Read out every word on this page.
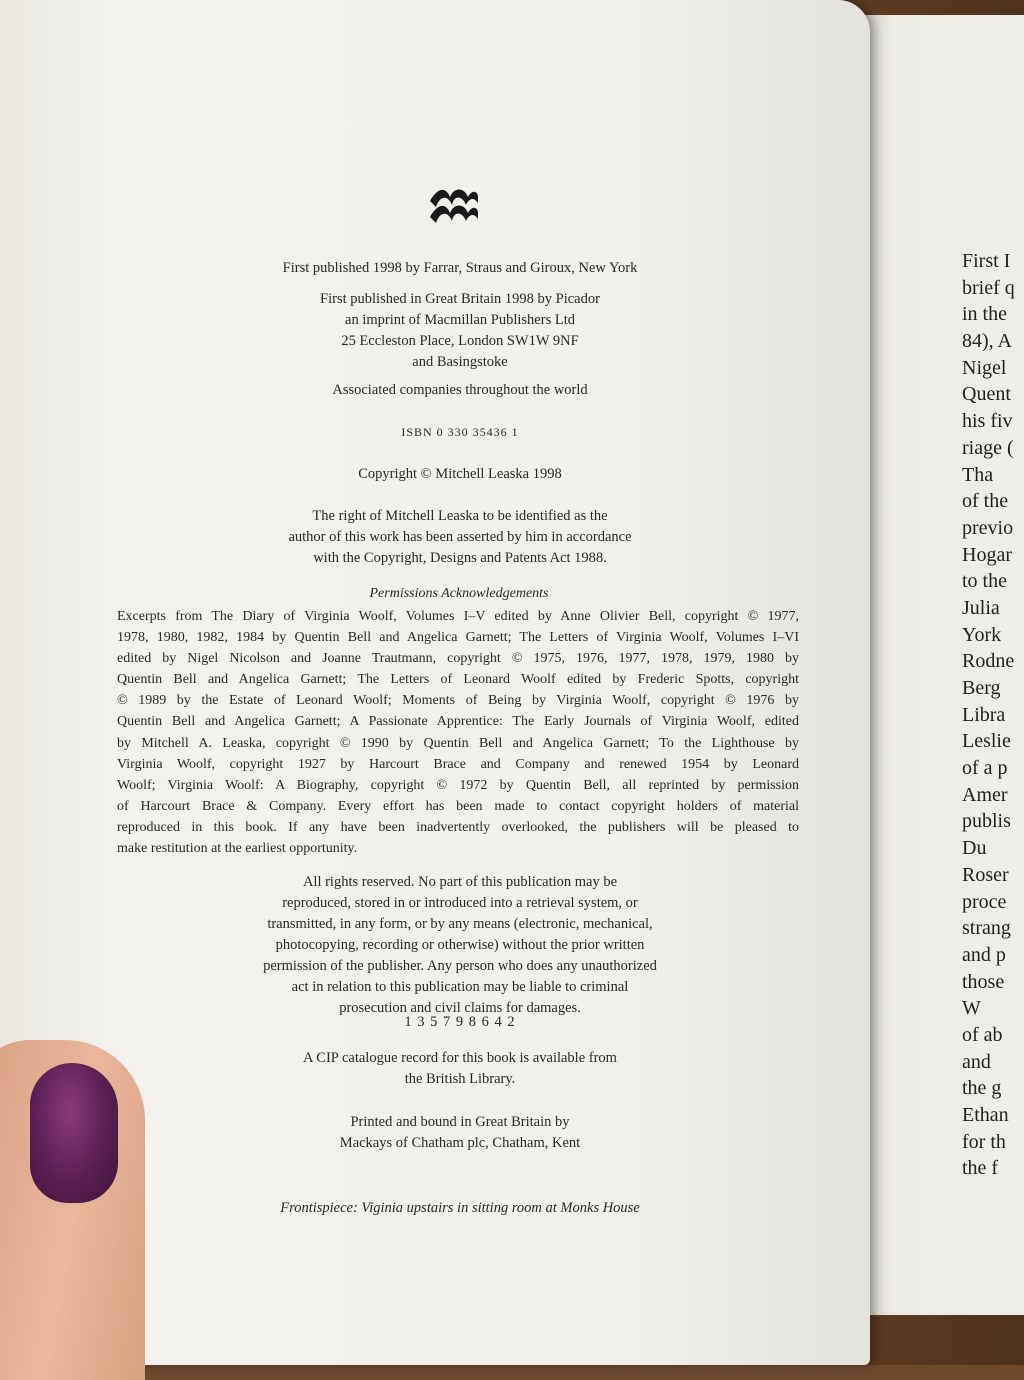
First I
brief q
in the
84), A
Nigel
Quent
his fiv
riage (
Tha
of the
previo
Hogar
to the
Julia
York
Rodne
Berg
Libra
Leslie
of a p
Amer
publis
Du
Roser
proce
strang
and p
those
W
of ab
and
the g
Ethan
for th
the f
First published 1998 by Farrar, Straus and Giroux, New York
First published in Great Britain 1998 by Picador
an imprint of Macmillan Publishers Ltd
25 Eccleston Place, London SW1W 9NF
and Basingstoke
Associated companies throughout the world
ISBN 0 330 35436 1
Copyright © Mitchell Leaska 1998
The right of Mitchell Leaska to be identified as the
author of this work has been asserted by him in accordance
with the Copyright, Designs and Patents Act 1988.
Permissions Acknowledgements
Excerpts from The Diary of Virginia Woolf, Volumes I–V edited by Anne Olivier Bell, copyright © 1977,
1978, 1980, 1982, 1984 by Quentin Bell and Angelica Garnett; The Letters of Virginia Woolf, Volumes I–VI
edited by Nigel Nicolson and Joanne Trautmann, copyright © 1975, 1976, 1977, 1978, 1979, 1980 by
Quentin Bell and Angelica Garnett; The Letters of Leonard Woolf edited by Frederic Spotts, copyright
© 1989 by the Estate of Leonard Woolf; Moments of Being by Virginia Woolf, copyright © 1976 by
Quentin Bell and Angelica Garnett; A Passionate Apprentice: The Early Journals of Virginia Woolf, edited
by Mitchell A. Leaska, copyright © 1990 by Quentin Bell and Angelica Garnett; To the Lighthouse by
Virginia Woolf, copyright 1927 by Harcourt Brace and Company and renewed 1954 by Leonard
Woolf; Virginia Woolf: A Biography, copyright © 1972 by Quentin Bell, all reprinted by permission
of Harcourt Brace & Company. Every effort has been made to contact copyright holders of material
reproduced in this book. If any have been inadvertently overlooked, the publishers will be pleased to
make restitution at the earliest opportunity.
All rights reserved. No part of this publication may be
reproduced, stored in or introduced into a retrieval system, or
transmitted, in any form, or by any means (electronic, mechanical,
photocopying, recording or otherwise) without the prior written
permission of the publisher. Any person who does any unauthorized
act in relation to this publication may be liable to criminal
prosecution and civil claims for damages.
1 3 5 7 9 8 6 4 2
A CIP catalogue record for this book is available from
the British Library.
Printed and bound in Great Britain by
Mackays of Chatham plc, Chatham, Kent
Frontispiece: Viginia upstairs in sitting room at Monks House
